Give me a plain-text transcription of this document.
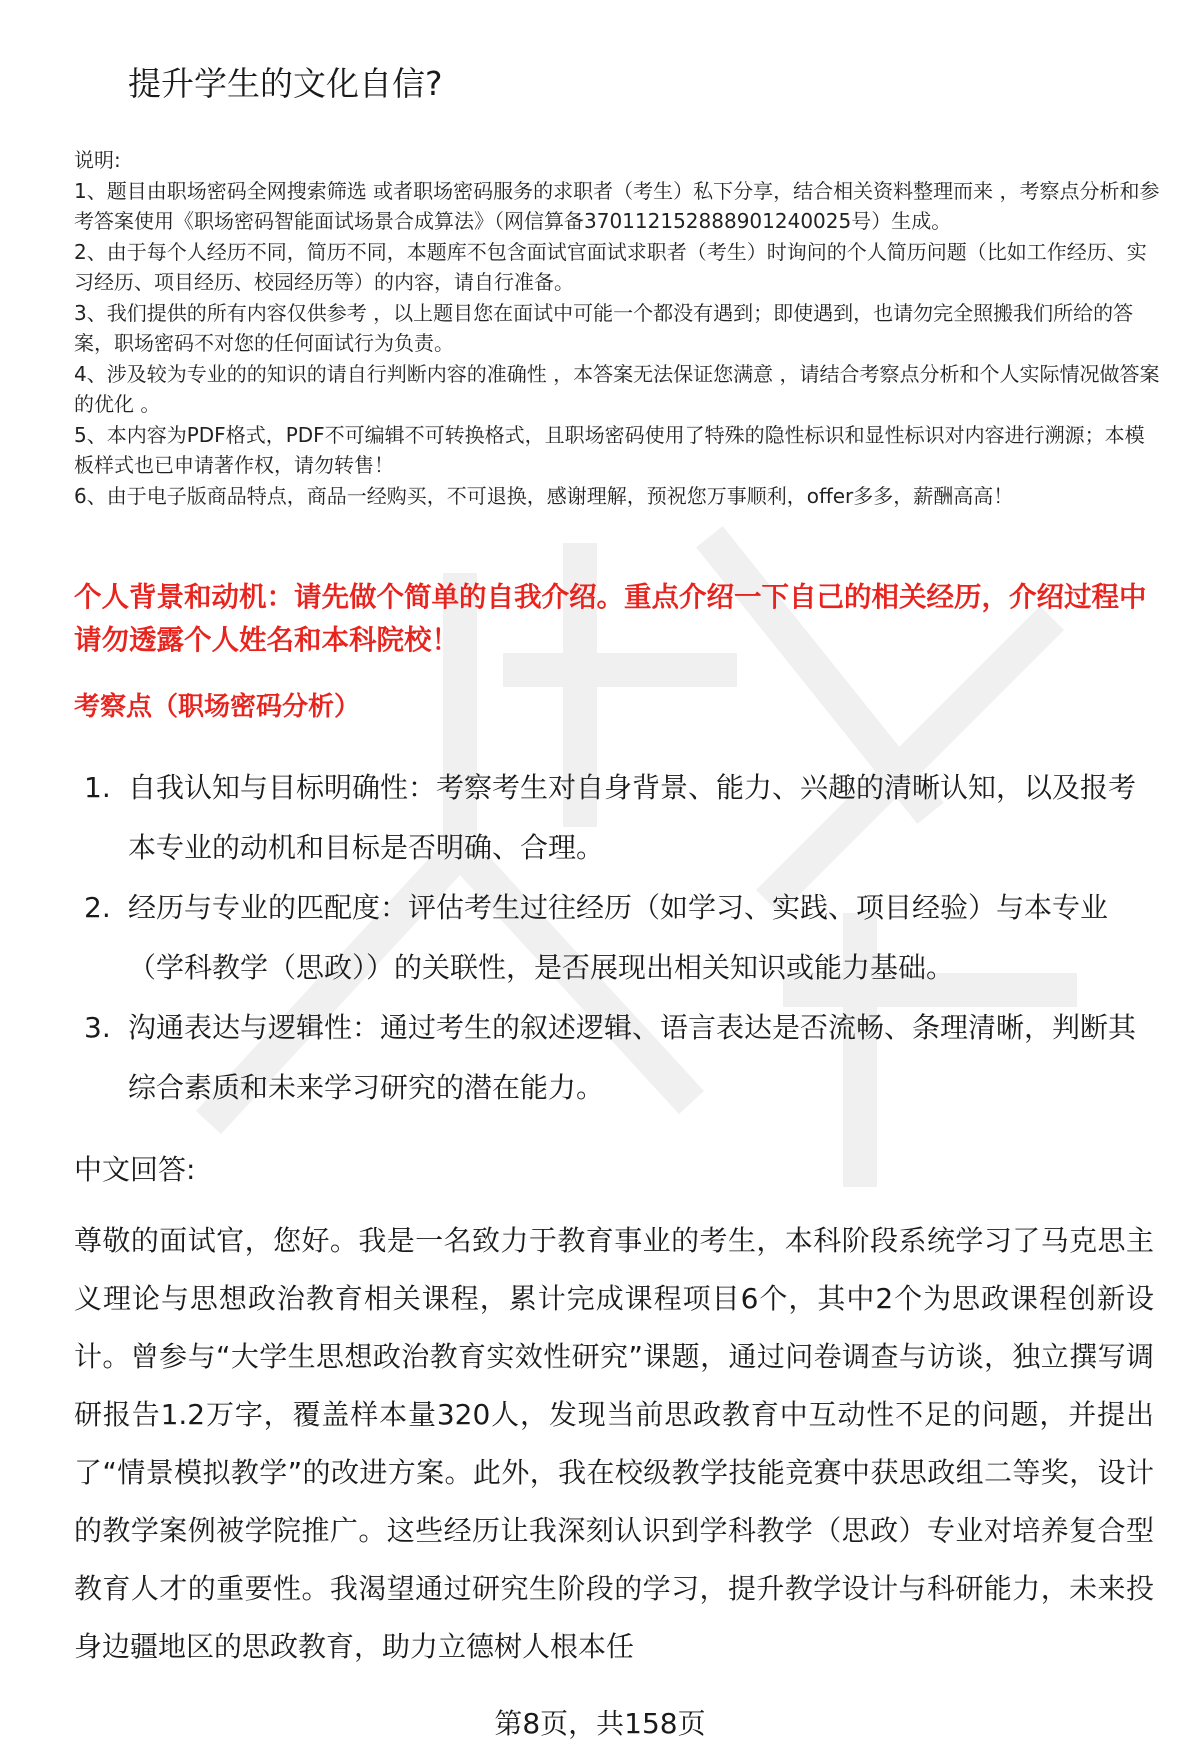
提升学生的文化自信?

说明:

1、题目由职场密码全网搜索筛选 或者职场密码服务的求职者（考生）私下分享，结合相关资料整理而来 ，考察点分析和参考答案使用《职场密码智能面试场景合成算法》（网信算备370112152888901240025号）生成。

2、由于每个人经历不同，简历不同，本题库不包含面试官面试求职者（考生）时询问的个人简历问题（比如工作经历、实习经历、项目经历、校园经历等）的内容，请自行准备。

3、我们提供的所有内容仅供参考 ，以上题目您在面试中可能一个都没有遇到；即使遇到，也请勿完全照搬我们所给的答案，职场密码不对您的任何面试行为负责。

4、涉及较为专业的的知识的请自行判断内容的准确性 ，本答案无法保证您满意 ，请结合考察点分析和个人实际情况做答案的优化 。

5、本内容为PDF格式，PDF不可编辑不可转换格式，且职场密码使用了特殊的隐性标识和显性标识对内容进行溯源；本模板样式也已申请著作权，请勿转售！

6、由于电子版商品特点，商品一经购买，不可退换，感谢理解，预祝您万事顺利，offer多多，薪酬高高！

个人背景和动机：请先做个简单的自我介绍。重点介绍一下自己的相关经历，介绍过程中请勿透露个人姓名和本科院校！

考察点（职场密码分析）

1. 自我认知与目标明确性：考察考生对自身背景、能力、兴趣的清晰认知，以及报考本专业的动机和目标是否明确、合理。
2. 经历与专业的匹配度：评估考生过往经历（如学习、实践、项目经验）与本专业（学科教学（思政））的关联性，是否展现出相关知识或能力基础。
3. 沟通表达与逻辑性：通过考生的叙述逻辑、语言表达是否流畅、条理清晰，判断其综合素质和未来学习研究的潜在能力。

中文回答:

尊敬的面试官，您好。我是一名致力于教育事业的考生，本科阶段系统学习了马克思主义理论与思想政治教育相关课程，累计完成课程项目6个，其中2个为思政课程创新设计。曾参与“大学生思想政治教育实效性研究”课题，通过问卷调查与访谈，独立撰写调研报告1.2万字，覆盖样本量320人，发现当前思政教育中互动性不足的问题，并提出了“情景模拟教学”的改进方案。此外，我在校级教学技能竞赛中获思政组二等奖，设计的教学案例被学院推广。这些经历让我深刻认识到学科教学（思政）专业对培养复合型教育人才的重要性。我渴望通过研究生阶段的学习，提升教学设计与科研能力，未来投身边疆地区的思政教育，助力立德树人根本任

第8页，共158页
